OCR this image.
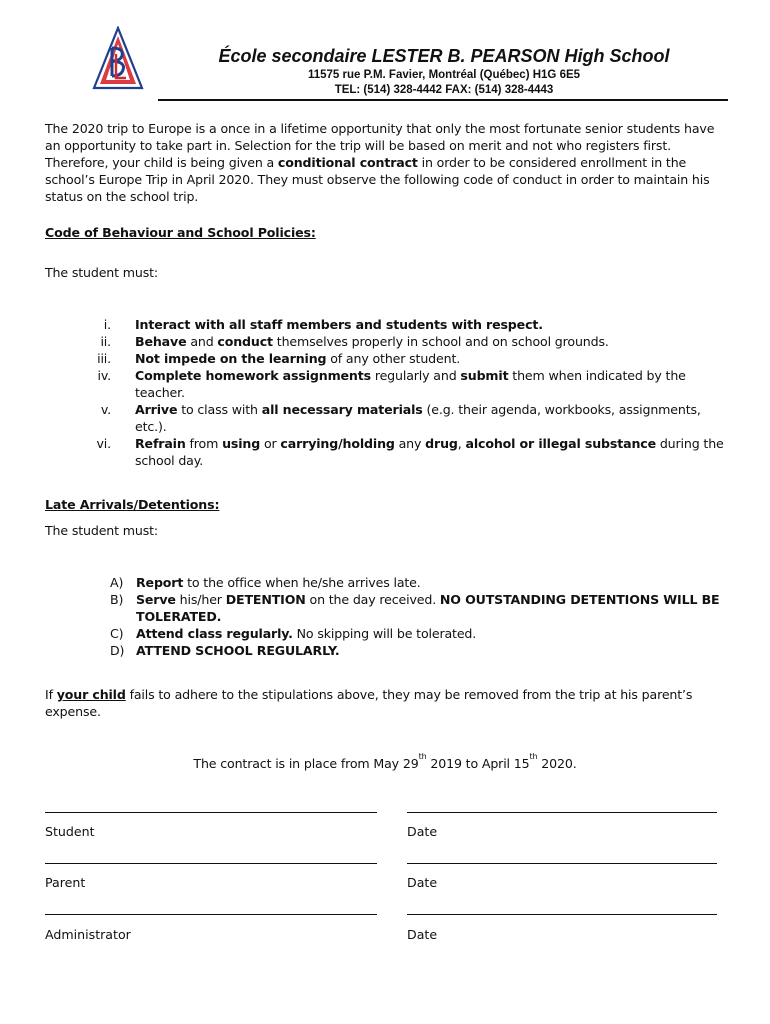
École secondaire LESTER B. PEARSON High School
11575 rue P.M. Favier, Montréal (Québec) H1G 6E5
TEL: (514) 328-4442 FAX: (514) 328-4443
The 2020 trip to Europe is a once in a lifetime opportunity that only the most fortunate senior students have an opportunity to take part in. Selection for the trip will be based on merit and not who registers first. Therefore, your child is being given a conditional contract in order to be considered enrollment in the school’s Europe Trip in April 2020. They must observe the following code of conduct in order to maintain his status on the school trip.
Code of Behaviour and School Policies:
The student must:
i. Interact with all staff members and students with respect.
ii. Behave and conduct themselves properly in school and on school grounds.
iii. Not impede on the learning of any other student.
iv. Complete homework assignments regularly and submit them when indicated by the teacher.
v. Arrive to class with all necessary materials (e.g. their agenda, workbooks, assignments, etc.).
vi. Refrain from using or carrying/holding any drug, alcohol or illegal substance during the school day.
Late Arrivals/Detentions:
The student must:
A)	Report to the office when he/she arrives late.
B)	Serve his/her DETENTION on the day received. NO OUTSTANDING DETENTIONS WILL BE TOLERATED.
C) Attend class regularly. No skipping will be tolerated.
D) ATTEND SCHOOL REGULARLY.
If your child fails to adhere to the stipulations above, they may be removed from the trip at his parent’s expense.
The contract is in place from May 29th 2019 to April 15th 2020.
Student	Date
Parent	Date
Administrator	Date
